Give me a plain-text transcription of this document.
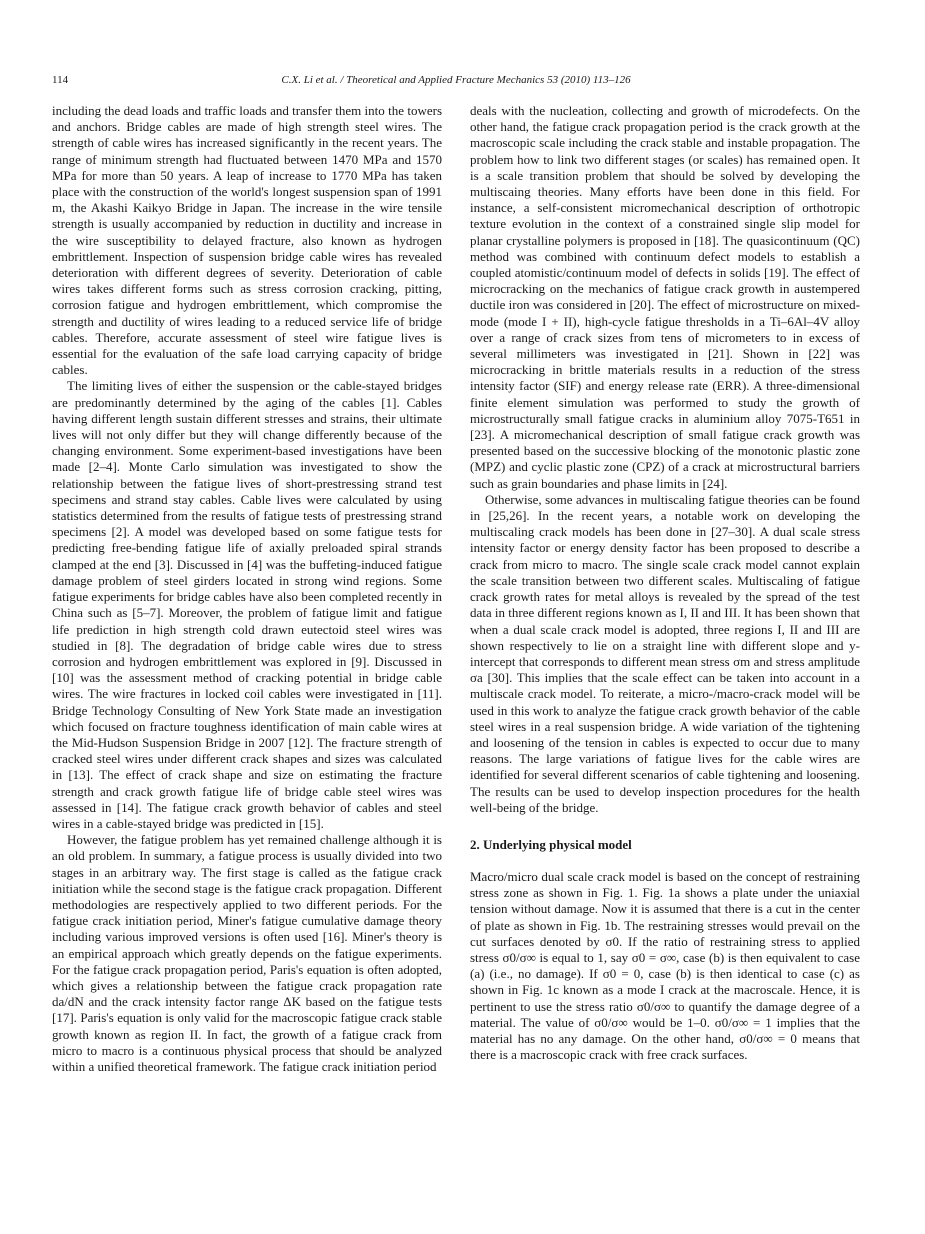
114	C.X. Li et al. / Theoretical and Applied Fracture Mechanics 53 (2010) 113–126

including the dead loads and traffic loads and transfer them into the towers and anchors. Bridge cables are made of high strength steel wires. The strength of cable wires has increased significantly in the recent years. The range of minimum strength had fluctuated between 1470 MPa and 1570 MPa for more than 50 years. A leap of increase to 1770 MPa has taken place with the construction of the world's longest suspension span of 1991 m, the Akashi Kaikyo Bridge in Japan. The increase in the wire tensile strength is usually accompanied by reduction in ductility and increase in the wire susceptibility to delayed fracture, also known as hydrogen embrittlement. Inspection of suspension bridge cable wires has revealed deterioration with different degrees of severity. Deterioration of cable wires takes different forms such as stress corrosion cracking, pitting, corrosion fatigue and hydrogen embrittlement, which compromise the strength and ductility of wires leading to a reduced service life of bridge cables. Therefore, accurate assessment of steel wire fatigue lives is essential for the evaluation of the safe load carrying capacity of bridge cables.

The limiting lives of either the suspension or the cable-stayed bridges are predominantly determined by the aging of the cables [1]. Cables having different length sustain different stresses and strains, their ultimate lives will not only differ but they will change differently because of the changing environment. Some experiment-based investigations have been made [2–4]. Monte Carlo simulation was investigated to show the relationship between the fatigue lives of short-prestressing strand test specimens and strand stay cables. Cable lives were calculated by using statistics determined from the results of fatigue tests of prestressing strand specimens [2]. A model was developed based on some fatigue tests for predicting free-bending fatigue life of axially preloaded spiral strands clamped at the end [3]. Discussed in [4] was the buffeting-induced fatigue damage problem of steel girders located in strong wind regions. Some fatigue experiments for bridge cables have also been completed recently in China such as [5–7]. Moreover, the problem of fatigue limit and fatigue life prediction in high strength cold drawn eutectoid steel wires was studied in [8]. The degradation of bridge cable wires due to stress corrosion and hydrogen embrittlement was explored in [9]. Discussed in [10] was the assessment method of cracking potential in bridge cable wires. The wire fractures in locked coil cables were investigated in [11]. Bridge Technology Consulting of New York State made an investigation which focused on fracture toughness identification of main cable wires at the Mid-Hudson Suspension Bridge in 2007 [12]. The fracture strength of cracked steel wires under different crack shapes and sizes was calculated in [13]. The effect of crack shape and size on estimating the fracture strength and crack growth fatigue life of bridge cable steel wires was assessed in [14]. The fatigue crack growth behavior of cables and steel wires in a cable-stayed bridge was predicted in [15].

However, the fatigue problem has yet remained challenge although it is an old problem. In summary, a fatigue process is usually divided into two stages in an arbitrary way. The first stage is called as the fatigue crack initiation while the second stage is the fatigue crack propagation. Different methodologies are respectively applied to two different periods. For the fatigue crack initiation period, Miner's fatigue cumulative damage theory including various improved versions is often used [16]. Miner's theory is an empirical approach which greatly depends on the fatigue experiments. For the fatigue crack propagation period, Paris's equation is often adopted, which gives a relationship between the fatigue crack propagation rate da/dN and the crack intensity factor range ΔK based on the fatigue tests [17]. Paris's equation is only valid for the macroscopic fatigue crack stable growth known as region II. In fact, the growth of a fatigue crack from micro to macro is a continuous physical process that should be analyzed within a unified theoretical framework. The fatigue crack initiation period

deals with the nucleation, collecting and growth of microdefects. On the other hand, the fatigue crack propagation period is the crack growth at the macroscopic scale including the crack stable and instable propagation. The problem how to link two different stages (or scales) has remained open. It is a scale transition problem that should be solved by developing the multiscaing theories. Many efforts have been done in this field. For instance, a self-consistent micromechanical description of orthotropic texture evolution in the context of a constrained single slip model for planar crystalline polymers is proposed in [18]. The quasicontinuum (QC) method was combined with continuum defect models to establish a coupled atomistic/continuum model of defects in solids [19]. The effect of microcracking on the mechanics of fatigue crack growth in austempered ductile iron was considered in [20]. The effect of microstructure on mixed-mode (mode I + II), high-cycle fatigue thresholds in a Ti–6Al–4V alloy over a range of crack sizes from tens of micrometers to in excess of several millimeters was investigated in [21]. Shown in [22] was microcracking in brittle materials results in a reduction of the stress intensity factor (SIF) and energy release rate (ERR). A three-dimensional finite element simulation was performed to study the growth of microstructurally small fatigue cracks in aluminium alloy 7075-T651 in [23]. A micromechanical description of small fatigue crack growth was presented based on the successive blocking of the monotonic plastic zone (MPZ) and cyclic plastic zone (CPZ) of a crack at microstructural barriers such as grain boundaries and phase limits in [24].

Otherwise, some advances in multiscaling fatigue theories can be found in [25,26]. In the recent years, a notable work on developing the multiscaling crack models has been done in [27–30]. A dual scale stress intensity factor or energy density factor has been proposed to describe a crack from micro to macro. The single scale crack model cannot explain the scale transition between two different scales. Multiscaling of fatigue crack growth rates for metal alloys is revealed by the spread of the test data in three different regions known as I, II and III. It has been shown that when a dual scale crack model is adopted, three regions I, II and III are shown respectively to lie on a straight line with different slope and y-intercept that corresponds to different mean stress σm and stress amplitude σa [30]. This implies that the scale effect can be taken into account in a multiscale crack model. To reiterate, a micro-/macro-crack model will be used in this work to analyze the fatigue crack growth behavior of the cable steel wires in a real suspension bridge. A wide variation of the tightening and loosening of the tension in cables is expected to occur due to many reasons. The large variations of fatigue lives for the cable wires are identified for several different scenarios of cable tightening and loosening. The results can be used to develop inspection procedures for the health well-being of the bridge.

2. Underlying physical model

Macro/micro dual scale crack model is based on the concept of restraining stress zone as shown in Fig. 1. Fig. 1a shows a plate under the uniaxial tension without damage. Now it is assumed that there is a cut in the center of plate as shown in Fig. 1b. The restraining stresses would prevail on the cut surfaces denoted by σ0. If the ratio of restraining stress to applied stress σ0/σ∞ is equal to 1, say σ0 = σ∞, case (b) is then equivalent to case (a) (i.e., no damage). If σ0 = 0, case (b) is then identical to case (c) as shown in Fig. 1c known as a mode I crack at the macroscale. Hence, it is pertinent to use the stress ratio σ0/σ∞ to quantify the damage degree of a material. The value of σ0/σ∞ would be 1–0. σ0/σ∞ = 1 implies that the material has no any damage. On the other hand, σ0/σ∞ = 0 means that there is a macroscopic crack with free crack surfaces.
